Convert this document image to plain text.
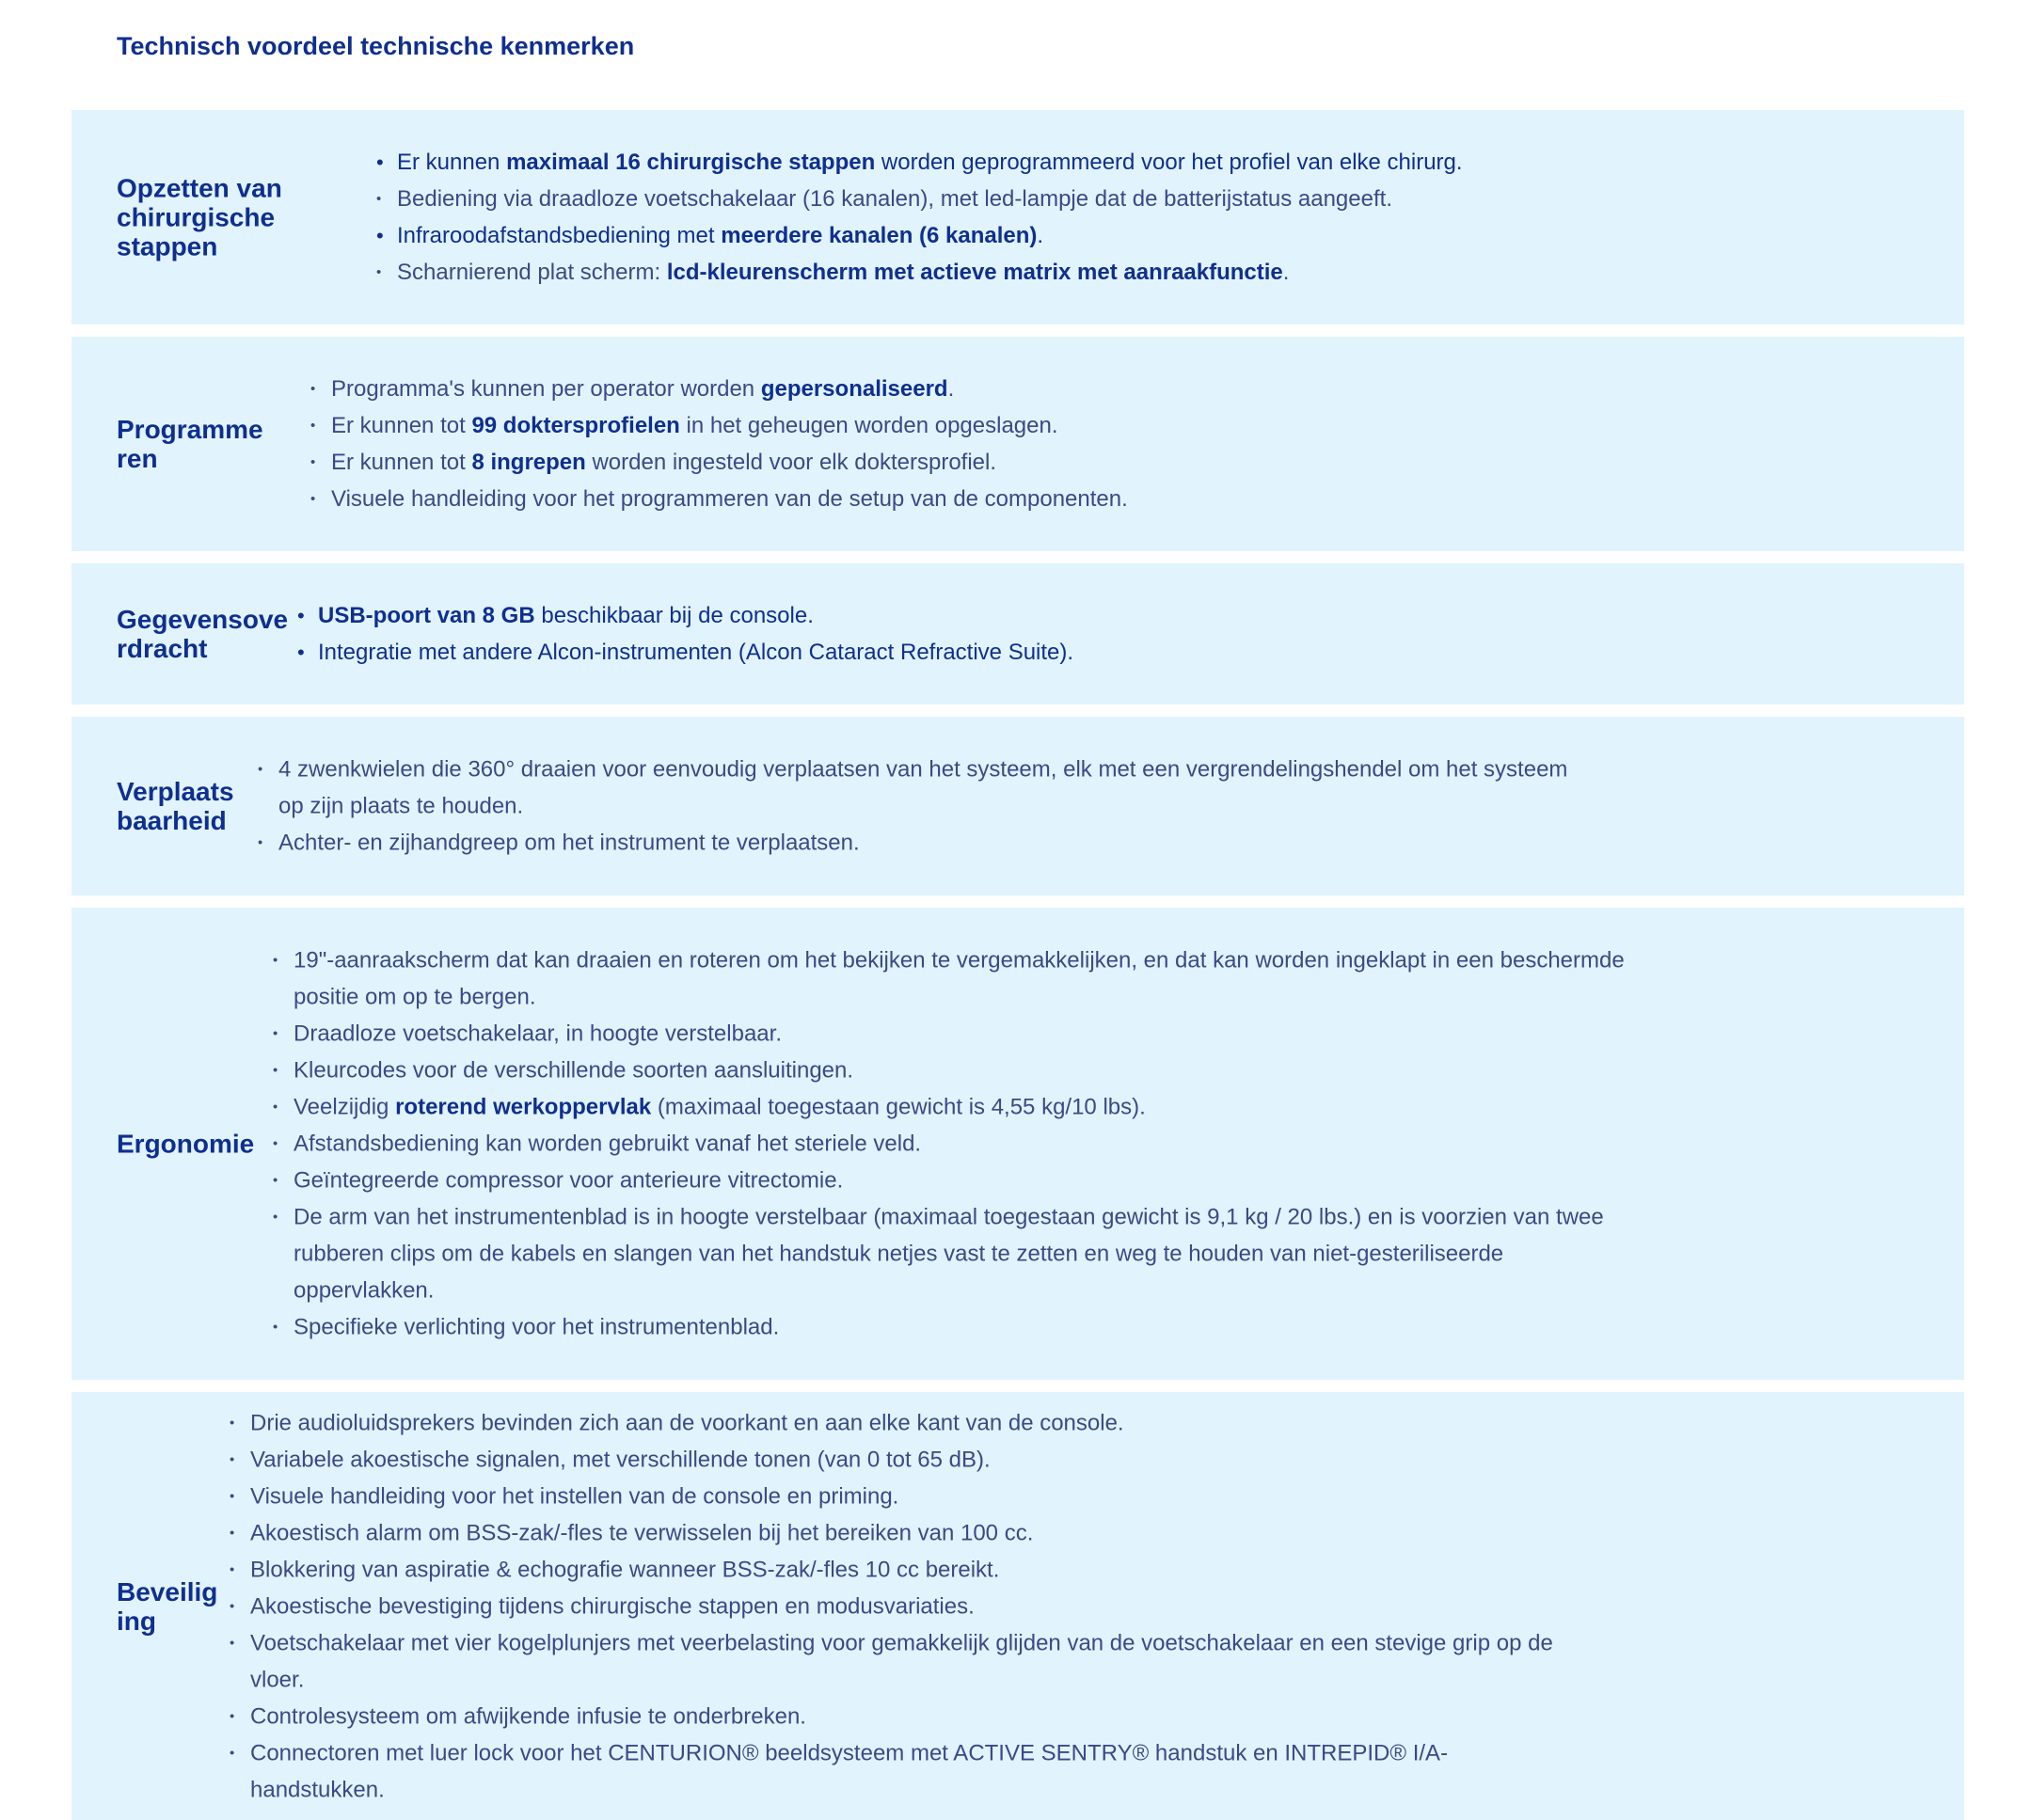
Technisch voordeel technische kenmerken
Opzetten van chirurgische stappen
• Er kunnen maximaal 16 chirurgische stappen worden geprogrammeerd voor het profiel van elke chirurg.
• Bediening via draadloze voetschakelaar (16 kanalen), met led-lampje dat de batterijstatus aangeeft.
• Infraroodafstandsbediening met meerdere kanalen (6 kanalen).
• Scharnierend plat scherm: lcd-kleurenscherm met actieve matrix met aanraakfunctie.
Programme ren
• Programma's kunnen per operator worden gepersonaliseerd.
• Er kunnen tot 99 doktersprofielen in het geheugen worden opgeslagen.
• Er kunnen tot 8 ingrepen worden ingesteld voor elk doktersprofiel.
• Visuele handleiding voor het programmeren van de setup van de componenten.
Gegevensove rdracht
• USB-poort van 8 GB beschikbaar bij de console.
• Integratie met andere Alcon-instrumenten (Alcon Cataract Refractive Suite).
Verplaats baarheid
• 4 zwenkwielen die 360° draaien voor eenvoudig verplaatsen van het systeem, elk met een vergrendelingshendel om het systeem op zijn plaats te houden.
• Achter- en zijhandgreep om het instrument te verplaatsen.
Ergonomie
• 19"-aanraakscherm dat kan draaien en roteren om het bekijken te vergemakkelijken, en dat kan worden ingeklapt in een beschermde positie om op te bergen.
• Draadloze voetschakelaar, in hoogte verstelbaar.
• Kleurcodes voor de verschillende soorten aansluitingen.
• Veelzijdig roterend werkoppervlak (maximaal toegestaan gewicht is 4,55 kg/10 lbs).
• Afstandsbediening kan worden gebruikt vanaf het steriele veld.
• Geïntegreerde compressor voor anterieure vitrectomie.
• De arm van het instrumentenblad is in hoogte verstelbaar (maximaal toegestaan gewicht is 9,1 kg / 20 lbs.) en is voorzien van twee rubberen clips om de kabels en slangen van het handstuk netjes vast te zetten en weg te houden van niet-gesteriliseerde oppervlakken.
• Specifieke verlichting voor het instrumentenblad.
Beveilig ing
• Drie audioluidsprekers bevinden zich aan de voorkant en aan elke kant van de console.
• Variabele akoestische signalen, met verschillende tonen (van 0 tot 65 dB).
• Visuele handleiding voor het instellen van de console en priming.
• Akoestisch alarm om BSS-zak/-fles te verwisselen bij het bereiken van 100 cc.
• Blokkering van aspiratie & echografie wanneer BSS-zak/-fles 10 cc bereikt.
• Akoestische bevestiging tijdens chirurgische stappen en modusvariaties.
• Voetschakelaar met vier kogelplunjers met veerbelasting voor gemakkelijk glijden van de voetschakelaar en een stevige grip op de vloer.
• Controlesysteem om afwijkende infusie te onderbreken.
• Connectoren met luer lock voor het CENTURION® beeldsysteem met ACTIVE SENTRY® handstuk en INTREPID® I/A-handstukken.
